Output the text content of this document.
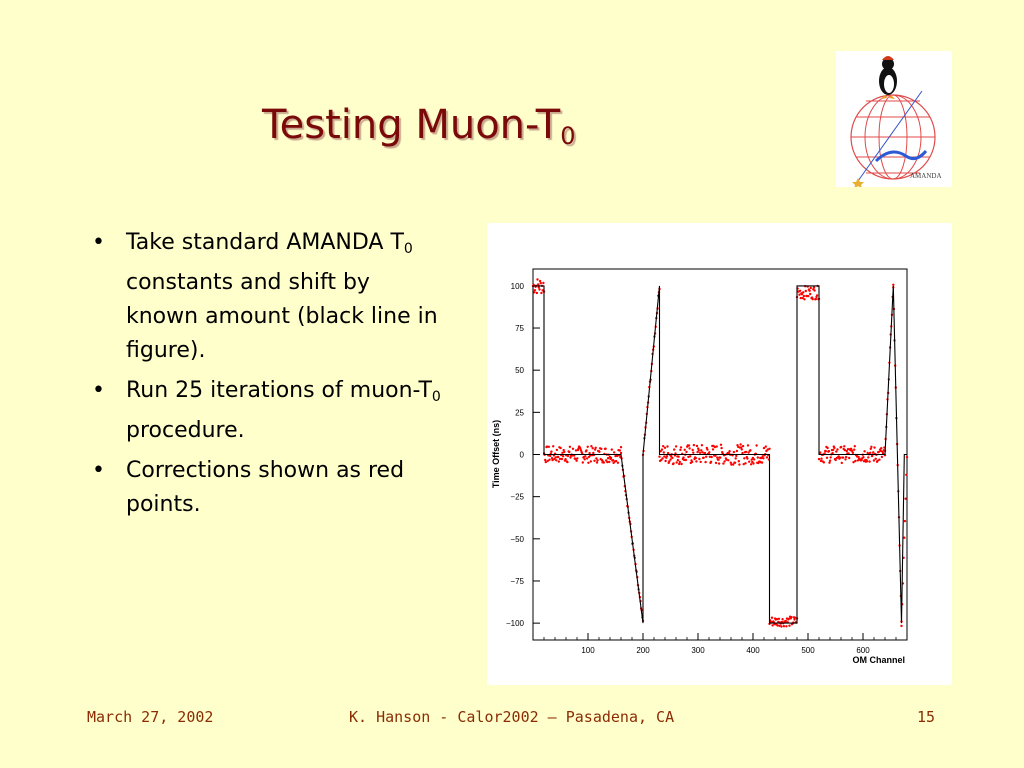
Testing Muon-$T_0$
AMANDA
• Take standard AMANDA $T_0$ constants and shift by known amount (black line in figure).
• Run 25 iterations of muon-$T_0$ procedure.
• Corrections shown as red points.
100
75
50
25
0
−25
−50
−75
−100
100	200	300	400	500	600
Time Offset (ns)
OM Channel
March 27, 2002	K. Hanson - Calor2002 – Pasadena, CA	15
